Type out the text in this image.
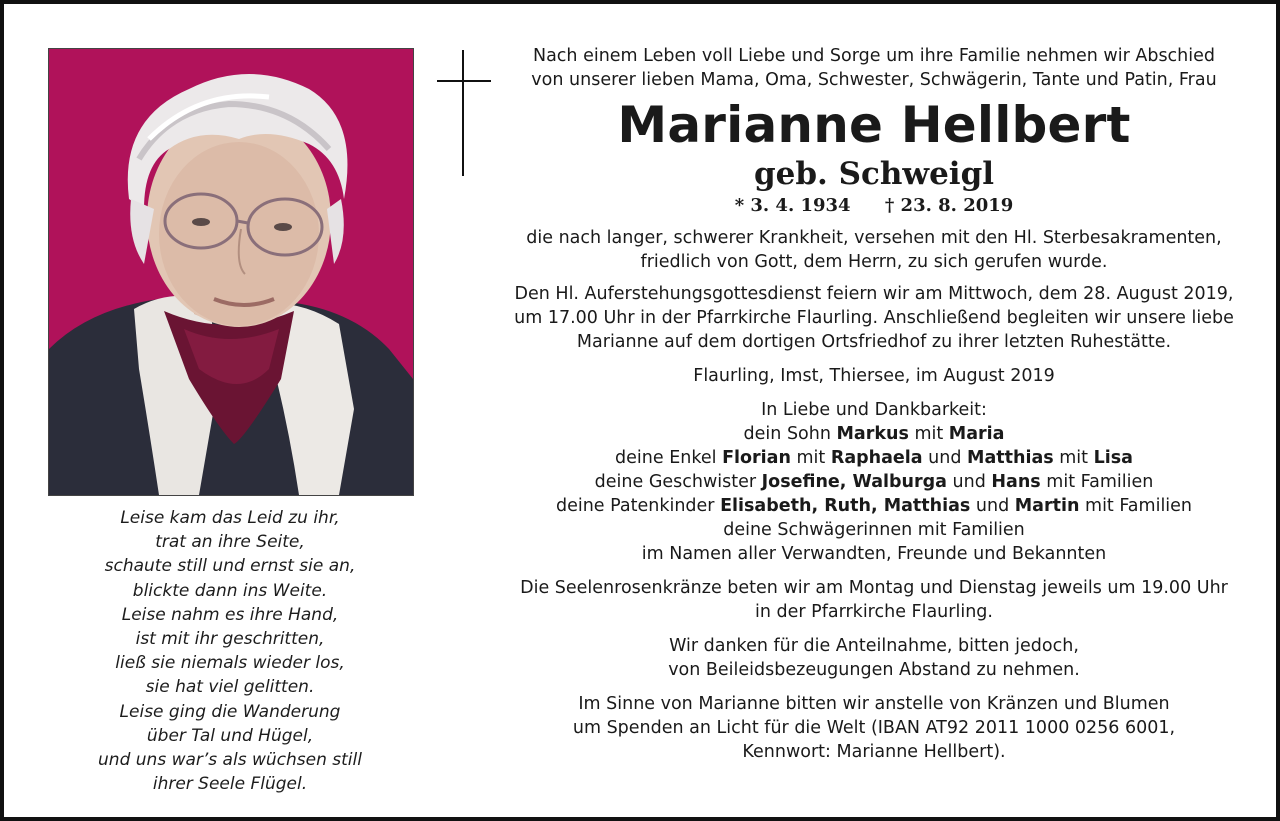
Leise kam das Leid zu ihr,
trat an ihre Seite,
schaute still und ernst sie an,
blickte dann ins Weite.
Leise nahm es ihre Hand,
ist mit ihr geschritten,
ließ sie niemals wieder los,
sie hat viel gelitten.
Leise ging die Wanderung
über Tal und Hügel,
und uns war’s als wüchsen still
ihrer Seele Flügel.
Nach einem Leben voll Liebe und Sorge um ihre Familie nehmen wir Abschied
von unserer lieben Mama, Oma, Schwester, Schwägerin, Tante und Patin, Frau
Marianne Hellbert
geb. Schweigl
* 3. 4. 1934 † 23. 8. 2019
die nach langer, schwerer Krankheit, versehen mit den Hl. Sterbesakramenten,
friedlich von Gott, dem Herrn, zu sich gerufen wurde.
Den Hl. Auferstehungsgottesdienst feiern wir am Mittwoch, dem 28. August 2019,
um 17.00 Uhr in der Pfarrkirche Flaurling. Anschließend begleiten wir unsere liebe
Marianne auf dem dortigen Ortsfriedhof zu ihrer letzten Ruhestätte.
Flaurling, Imst, Thiersee, im August 2019
In Liebe und Dankbarkeit:
dein Sohn Markus mit Maria
deine Enkel Florian mit Raphaela und Matthias mit Lisa
deine Geschwister Josefine, Walburga und Hans mit Familien
deine Patenkinder Elisabeth, Ruth, Matthias und Martin mit Familien
deine Schwägerinnen mit Familien
im Namen aller Verwandten, Freunde und Bekannten
Die Seelenrosenkränze beten wir am Montag und Dienstag jeweils um 19.00 Uhr
in der Pfarrkirche Flaurling.
Wir danken für die Anteilnahme, bitten jedoch,
von Beileidsbezeugungen Abstand zu nehmen.
Im Sinne von Marianne bitten wir anstelle von Kränzen und Blumen
um Spenden an Licht für die Welt (IBAN AT92 2011 1000 0256 6001,
Kennwort: Marianne Hellbert).
